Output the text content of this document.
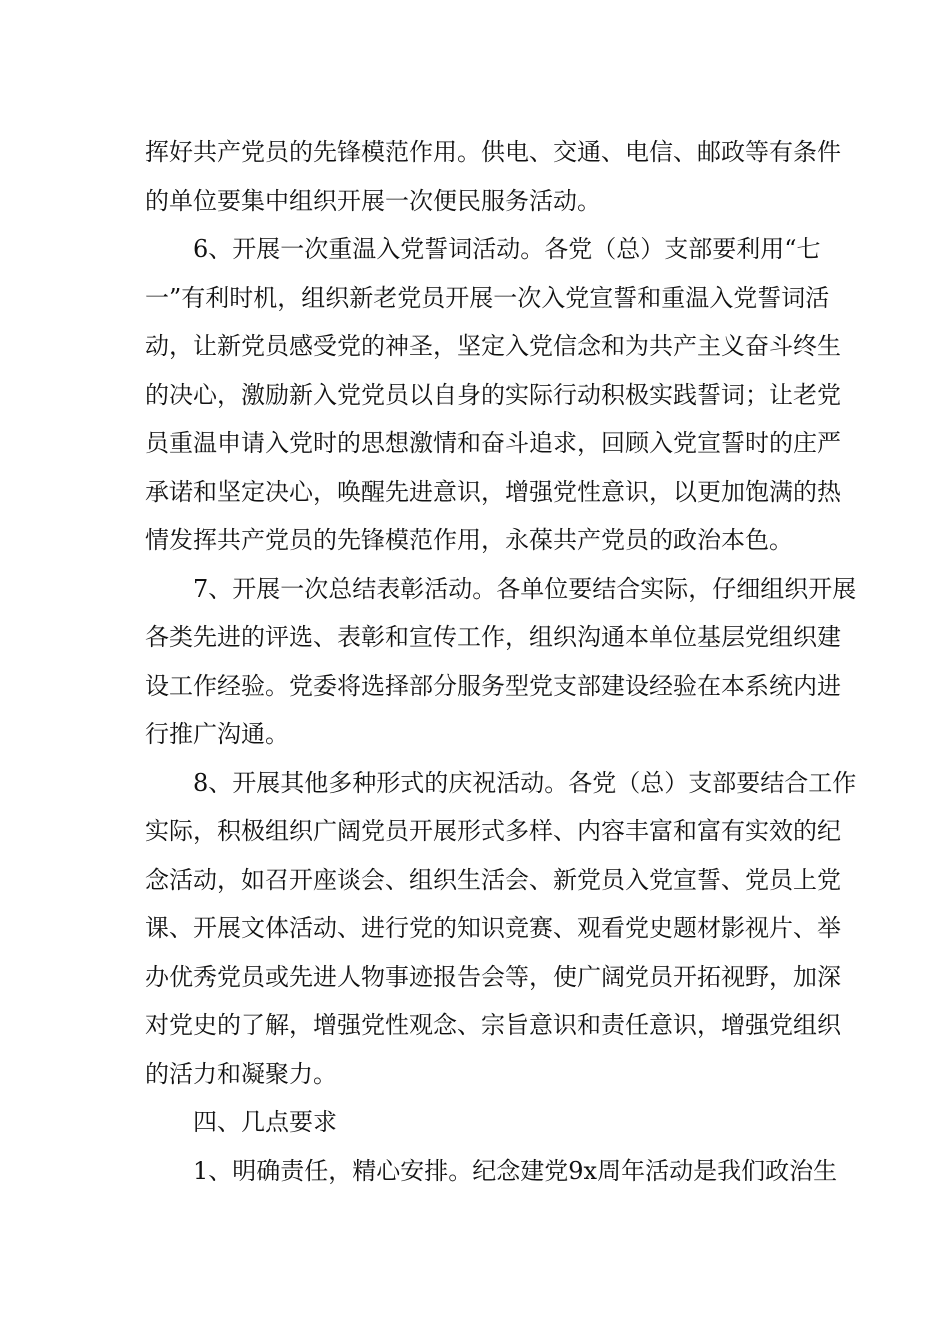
挥好共产党员的先锋模范作用。供电、交通、电信、邮政等有条件
的单位要集中组织开展一次便民服务活动。
6、开展一次重温入党誓词活动。各党（总）支部要利用“七
一”有利时机，组织新老党员开展一次入党宣誓和重温入党誓词活
动，让新党员感受党的神圣，坚定入党信念和为共产主义奋斗终生
的决心，激励新入党党员以自身的实际行动积极实践誓词；让老党
员重温申请入党时的思想激情和奋斗追求，回顾入党宣誓时的庄严
承诺和坚定决心，唤醒先进意识，增强党性意识，以更加饱满的热
情发挥共产党员的先锋模范作用，永葆共产党员的政治本色。
7、开展一次总结表彰活动。各单位要结合实际，仔细组织开展
各类先进的评选、表彰和宣传工作，组织沟通本单位基层党组织建
设工作经验。党委将选择部分服务型党支部建设经验在本系统内进
行推广沟通。
8、开展其他多种形式的庆祝活动。各党（总）支部要结合工作
实际，积极组织广阔党员开展形式多样、内容丰富和富有实效的纪
念活动，如召开座谈会、组织生活会、新党员入党宣誓、党员上党
课、开展文体活动、进行党的知识竞赛、观看党史题材影视片、举
办优秀党员或先进人物事迹报告会等，使广阔党员开拓视野，加深
对党史的了解，增强党性观念、宗旨意识和责任意识，增强党组织
的活力和凝聚力。
四、几点要求
1、明确责任，精心安排。纪念建党9x周年活动是我们政治生
